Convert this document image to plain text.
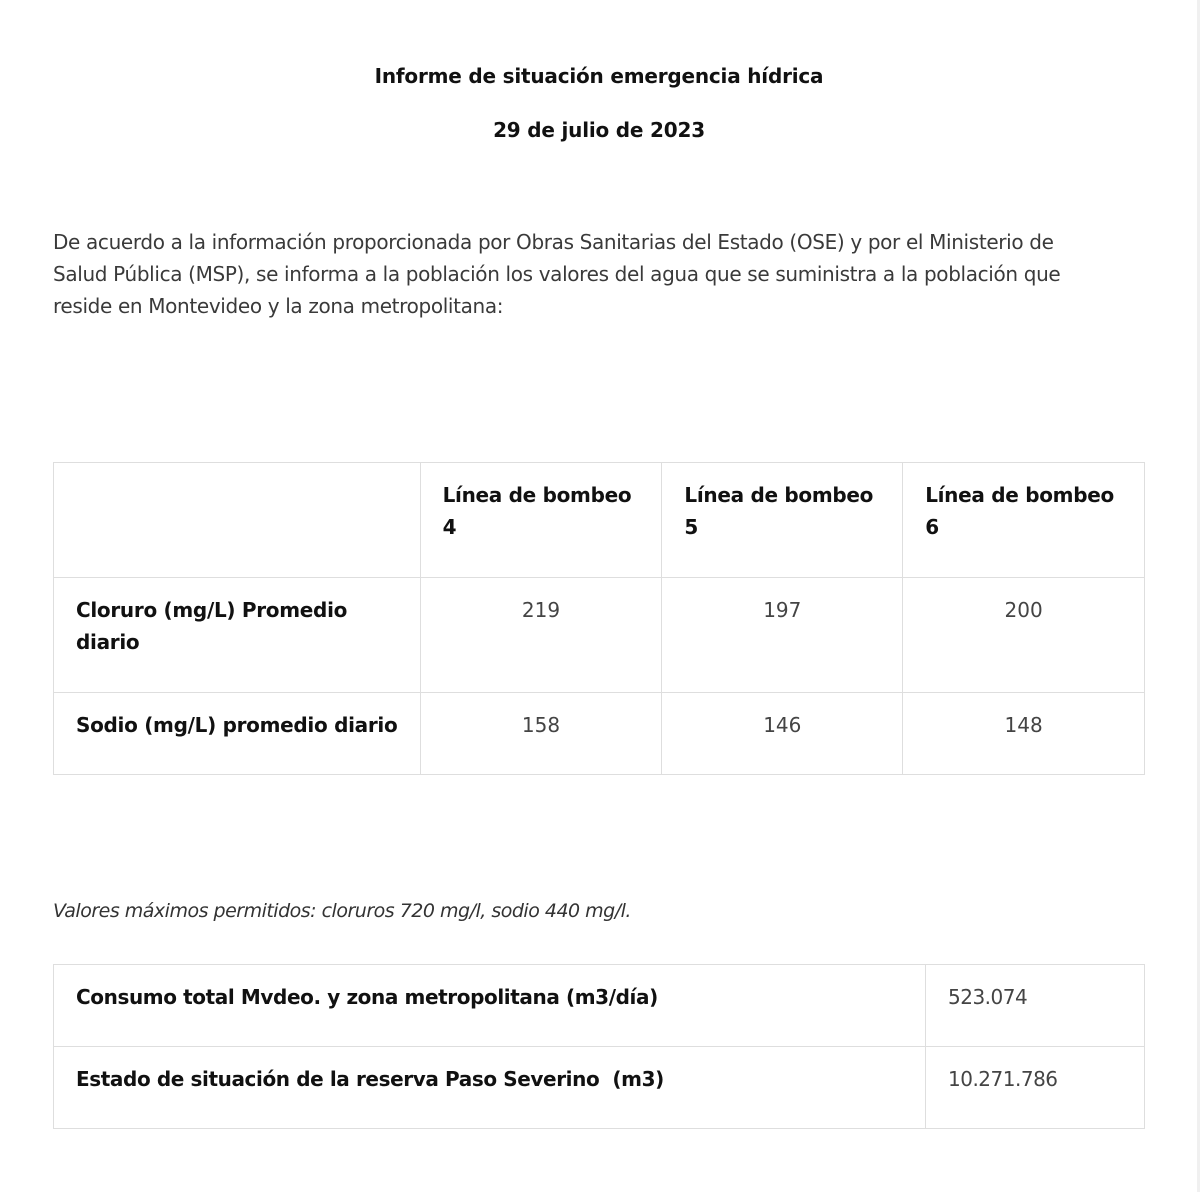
Informe de situación emergencia hídrica
29 de julio de 2023

De acuerdo a la información proporcionada por Obras Sanitarias del Estado (OSE) y por el Ministerio de Salud Pública (MSP), se informa a la población los valores del agua que se suministra a la población que reside en Montevideo y la zona metropolitana:

	Línea de bombeo 4	Línea de bombeo 5	Línea de bombeo 6
Cloruro (mg/L) Promedio diario	219	197	200
Sodio (mg/L) promedio diario	158	146	148
Valores máximos permitidos: cloruros 720 mg/l, sodio 440 mg/l.
Consumo total Mvdeo. y zona metropolitana (m3/día)	523.074
Estado de situación de la reserva Paso Severino  (m3)	10.271.786
